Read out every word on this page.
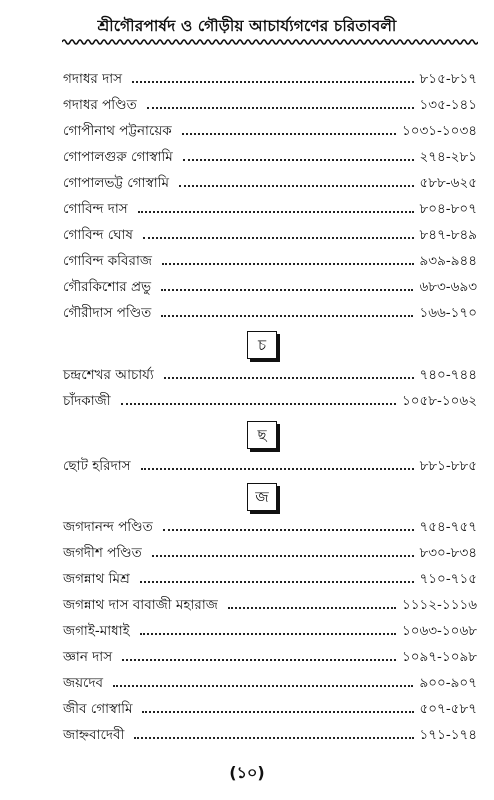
শ্রীগৌরপার্ষদ ও গৌড়ীয় আচার্য্যগণের চরিতাবলী
গদাধর দাস	৮১৫-৮১৭
গদাধর পণ্ডিত	১৩৫-১৪১
গোপীনাথ পট্টনায়েক	১০৩১-১০৩৪
গোপালগুরু গোস্বামি	২৭৪-২৮১
গোপালভট্ট গোস্বামি	৫৮৮-৬২৫
গোবিন্দ দাস	৮০৪-৮০৭
গোবিন্দ ঘোষ	৮৪৭-৮৪৯
গোবিন্দ কবিরাজ	৯৩৯-৯৪৪
গৌরকিশোর প্রভু	৬৮৩-৬৯৩
গৌরীদাস পণ্ডিত	১৬৬-১৭০
চ
চন্দ্রশেখর আচার্য্য	৭৪০-৭৪৪
চাঁদকাজী	১০৫৮-১০৬২
ছ
ছোট হরিদাস	৮৮১-৮৮৫
জ
জগদানন্দ পণ্ডিত	৭৫৪-৭৫৭
জগদীশ পণ্ডিত	৮৩০-৮৩৪
জগন্নাথ মিশ্র	৭১০-৭১৫
জগন্নাথ দাস বাবাজী মহারাজ	১১১২-১১১৬
জগাই-মাধাই	১০৬৩-১০৬৮
জ্ঞান দাস	১০৯৭-১০৯৮
জয়দেব	৯০০-৯০৭
জীব গোস্বামি	৫০৭-৫৮৭
জাহ্নবাদেবী	১৭১-১৭৪
(১০)
